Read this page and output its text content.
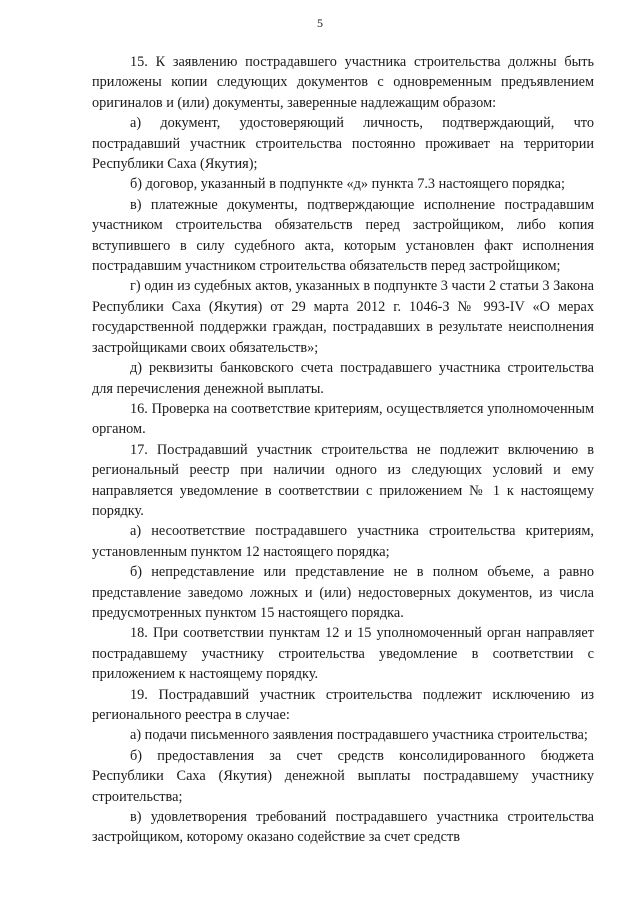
5

15. К заявлению пострадавшего участника строительства должны быть приложены копии следующих документов с одновременным предъявлением оригиналов и (или) документы, заверенные надлежащим образом:

а) документ, удостоверяющий личность, подтверждающий, что пострадавший участник строительства постоянно проживает на территории Республики Саха (Якутия);

б) договор, указанный в подпункте «д» пункта 7.3 настоящего порядка;

в) платежные документы, подтверждающие исполнение пострадавшим участником строительства обязательств перед застройщиком, либо копия вступившего в силу судебного акта, которым установлен факт исполнения пострадавшим участником строительства обязательств перед застройщиком;

г) один из судебных актов, указанных в подпункте 3 части 2 статьи 3 Закона Республики Саха (Якутия) от 29 марта 2012 г. 1046-З № 993-IV «О мерах государственной поддержки граждан, пострадавших в результате неисполнения застройщиками своих обязательств»;

д) реквизиты банковского счета пострадавшего участника строительства для перечисления денежной выплаты.

16. Проверка на соответствие критериям, осуществляется уполномоченным органом.

17. Пострадавший участник строительства не подлежит включению в региональный реестр при наличии одного из следующих условий и ему направляется уведомление в соответствии с приложением № 1 к настоящему порядку.

а) несоответствие пострадавшего участника строительства критериям, установленным пунктом 12 настоящего порядка;

б) непредставление или представление не в полном объеме, а равно представление заведомо ложных и (или) недостоверных документов, из числа предусмотренных пунктом 15 настоящего порядка.

18. При соответствии пунктам 12 и 15 уполномоченный орган направляет пострадавшему участнику строительства уведомление в соответствии с приложением к настоящему порядку.

19. Пострадавший участник строительства подлежит исключению из регионального реестра в случае:

а) подачи письменного заявления пострадавшего участника строительства;

б) предоставления за счет средств консолидированного бюджета Республики Саха (Якутия) денежной выплаты пострадавшему участнику строительства;

в) удовлетворения требований пострадавшего участника строительства застройщиком, которому оказано содействие за счет средств
